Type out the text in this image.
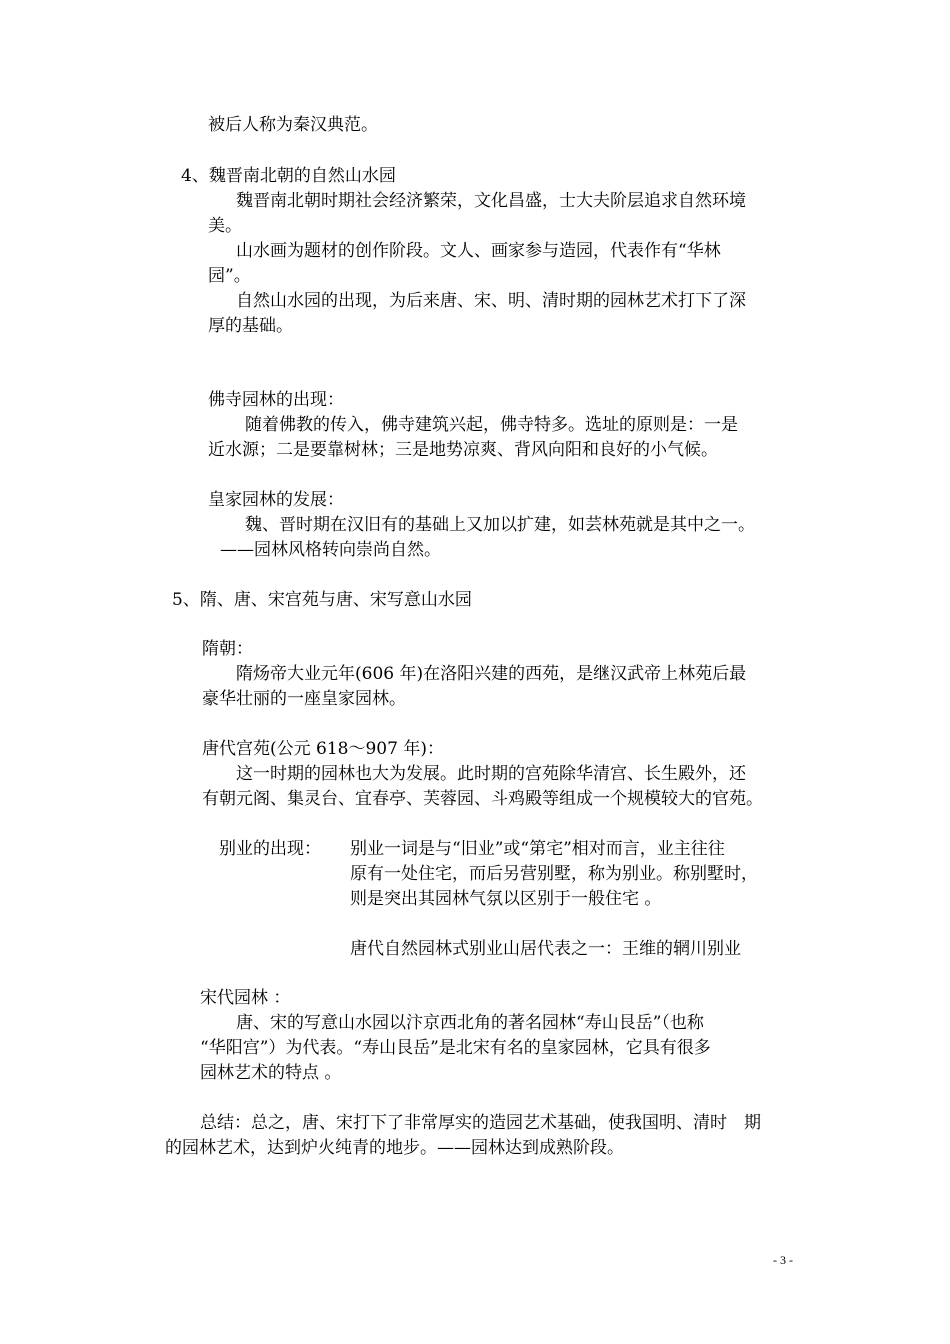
被后人称为秦汉典范。
4、魏晋南北朝的自然山水园
魏晋南北朝时期社会经济繁荣，文化昌盛，士大夫阶层追求自然环境
美。
山水画为题材的创作阶段。文人、画家参与造园，代表作有“华林
园”。
自然山水园的出现，为后来唐、宋、明、清时期的园林艺术打下了深
厚的基础。
佛寺园林的出现：
随着佛教的传入，佛寺建筑兴起，佛寺特多。选址的原则是：一是
近水源；二是要靠树林；三是地势凉爽、背风向阳和良好的小气候。
皇家园林的发展：
魏、晋时期在汉旧有的基础上又加以扩建，如芸林苑就是其中之一。
——园林风格转向崇尚自然。
5、隋、唐、宋宫苑与唐、宋写意山水园
隋朝：
隋炀帝大业元年(606 年)在洛阳兴建的西苑，是继汉武帝上林苑后最
豪华壮丽的一座皇家园林。
唐代宫苑(公元 618～907 年)：
这一时期的园林也大为发展。此时期的宫苑除华清宫、长生殿外，还
有朝元阁、集灵台、宜春亭、芙蓉园、斗鸡殿等组成一个规模较大的官苑。
别业的出现： 别业一词是与“旧业”或“第宅”相对而言，业主往往
原有一处住宅，而后另营别墅，称为别业。称别墅时，
则是突出其园林气氛以区别于一般住宅 。
唐代自然园林式别业山居代表之一：王维的辋川别业
宋代园林 ：
唐、宋的写意山水园以汴京西北角的著名园林“寿山艮岳”（也称
“华阳宫”）为代表。“寿山艮岳”是北宋有名的皇家园林，它具有很多
园林艺术的特点 。
总结：总之，唐、宋打下了非常厚实的造园艺术基础，使我国明、清时　期
的园林艺术，达到炉火纯青的地步。——园林达到成熟阶段。
- 3 -
